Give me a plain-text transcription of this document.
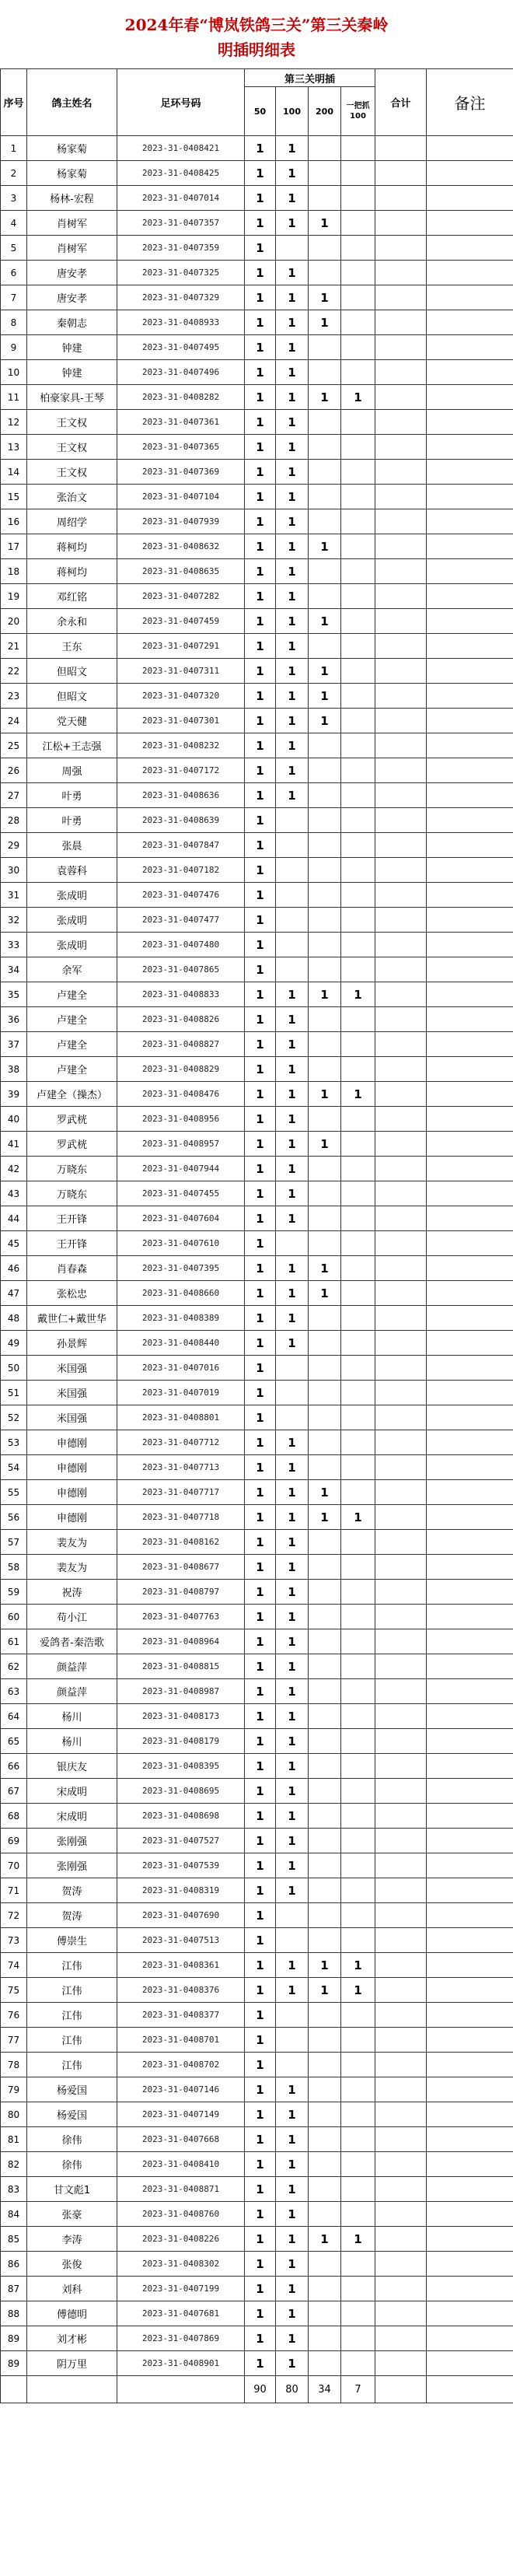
2024年春“博岚铁鸽三关”第三关秦岭
明插明细表
序号	鸽主姓名	足环号码	第三关明插				合计	备注
			50	100	200	一把抓100		
1	杨家菊	2023-31-0408421	1	1				
2	杨家菊	2023-31-0408425	1	1				
3	杨林-宏程	2023-31-0407014	1	1				
4	肖树军	2023-31-0407357	1	1	1			
5	肖树军	2023-31-0407359	1					
6	唐安孝	2023-31-0407325	1	1				
7	唐安孝	2023-31-0407329	1	1	1			
8	秦朝志	2023-31-0408933	1	1	1			
9	钟建	2023-31-0407495	1	1				
10	钟建	2023-31-0407496	1	1				
11	柏豪家具-王琴	2023-31-0408282	1	1	1	1		
12	王文权	2023-31-0407361	1	1				
13	王文权	2023-31-0407365	1	1				
14	王文权	2023-31-0407369	1	1				
15	张治文	2023-31-0407104	1	1				
16	周绍学	2023-31-0407939	1	1				
17	蒋柯均	2023-31-0408632	1	1	1			
18	蒋柯均	2023-31-0408635	1	1				
19	邓红铭	2023-31-0407282	1	1				
20	余永和	2023-31-0407459	1	1	1			
21	王东	2023-31-0407291	1	1				
22	但昭文	2023-31-0407311	1	1	1			
23	但昭文	2023-31-0407320	1	1	1			
24	党天健	2023-31-0407301	1	1	1			
25	江松+王志强	2023-31-0408232	1	1				
26	周强	2023-31-0407172	1	1				
27	叶勇	2023-31-0408636	1	1				
28	叶勇	2023-31-0408639	1					
29	张晨	2023-31-0407847	1					
30	袁蓉科	2023-31-0407182	1					
31	张成明	2023-31-0407476	1					
32	张成明	2023-31-0407477	1					
33	张成明	2023-31-0407480	1					
34	余军	2023-31-0407865	1					
35	卢建全	2023-31-0408833	1	1	1	1		
36	卢建全	2023-31-0408826	1	1				
37	卢建全	2023-31-0408827	1	1				
38	卢建全	2023-31-0408829	1	1				
39	卢建全（操杰）	2023-31-0408476	1	1	1	1		
40	罗武桄	2023-31-0408956	1	1				
41	罗武桄	2023-31-0408957	1	1	1			
42	万晓东	2023-31-0407944	1	1				
43	万晓东	2023-31-0407455	1	1				
44	王开锋	2023-31-0407604	1	1				
45	王开锋	2023-31-0407610	1					
46	肖春森	2023-31-0407395	1	1	1			
47	张松忠	2023-31-0408660	1	1	1			
48	戴世仁+戴世华	2023-31-0408389	1	1				
49	孙景辉	2023-31-0408440	1	1				
50	米国强	2023-31-0407016	1					
51	米国强	2023-31-0407019	1					
52	米国强	2023-31-0408801	1					
53	申德刚	2023-31-0407712	1	1				
54	申德刚	2023-31-0407713	1	1				
55	申德刚	2023-31-0407717	1	1	1			
56	申德刚	2023-31-0407718	1	1	1	1		
57	裴友为	2023-31-0408162	1	1				
58	裴友为	2023-31-0408677	1	1				
59	祝涛	2023-31-0408797	1	1				
60	苟小江	2023-31-0407763	1	1				
61	爱鸽者-秦浩歌	2023-31-0408964	1	1				
62	颜益萍	2023-31-0408815	1	1				
63	颜益萍	2023-31-0408987	1	1				
64	杨川	2023-31-0408173	1	1				
65	杨川	2023-31-0408179	1	1				
66	银庆友	2023-31-0408395	1	1				
67	宋成明	2023-31-0408695	1	1				
68	宋成明	2023-31-0408698	1	1				
69	张刚强	2023-31-0407527	1	1				
70	张刚强	2023-31-0407539	1	1				
71	贺涛	2023-31-0408319	1	1				
72	贺涛	2023-31-0407690	1					
73	傅崇生	2023-31-0407513	1					
74	江伟	2023-31-0408361	1	1	1	1		
75	江伟	2023-31-0408376	1	1	1	1		
76	江伟	2023-31-0408377	1					
77	江伟	2023-31-0408701	1					
78	江伟	2023-31-0408702	1					
79	杨爱国	2023-31-0407146	1	1				
80	杨爱国	2023-31-0407149	1	1				
81	徐伟	2023-31-0407668	1	1				
82	徐伟	2023-31-0408410	1	1				
83	甘文彪1	2023-31-0408871	1	1				
84	张豪	2023-31-0408760	1	1				
85	李涛	2023-31-0408226	1	1	1	1		
86	张俊	2023-31-0408302	1	1				
87	刘科	2023-31-0407199	1	1				
88	傅德明	2023-31-0407681	1	1				
89	刘才彬	2023-31-0407869	1	1				
89	阴万里	2023-31-0408901	1	1				
			90	80	34	7		
